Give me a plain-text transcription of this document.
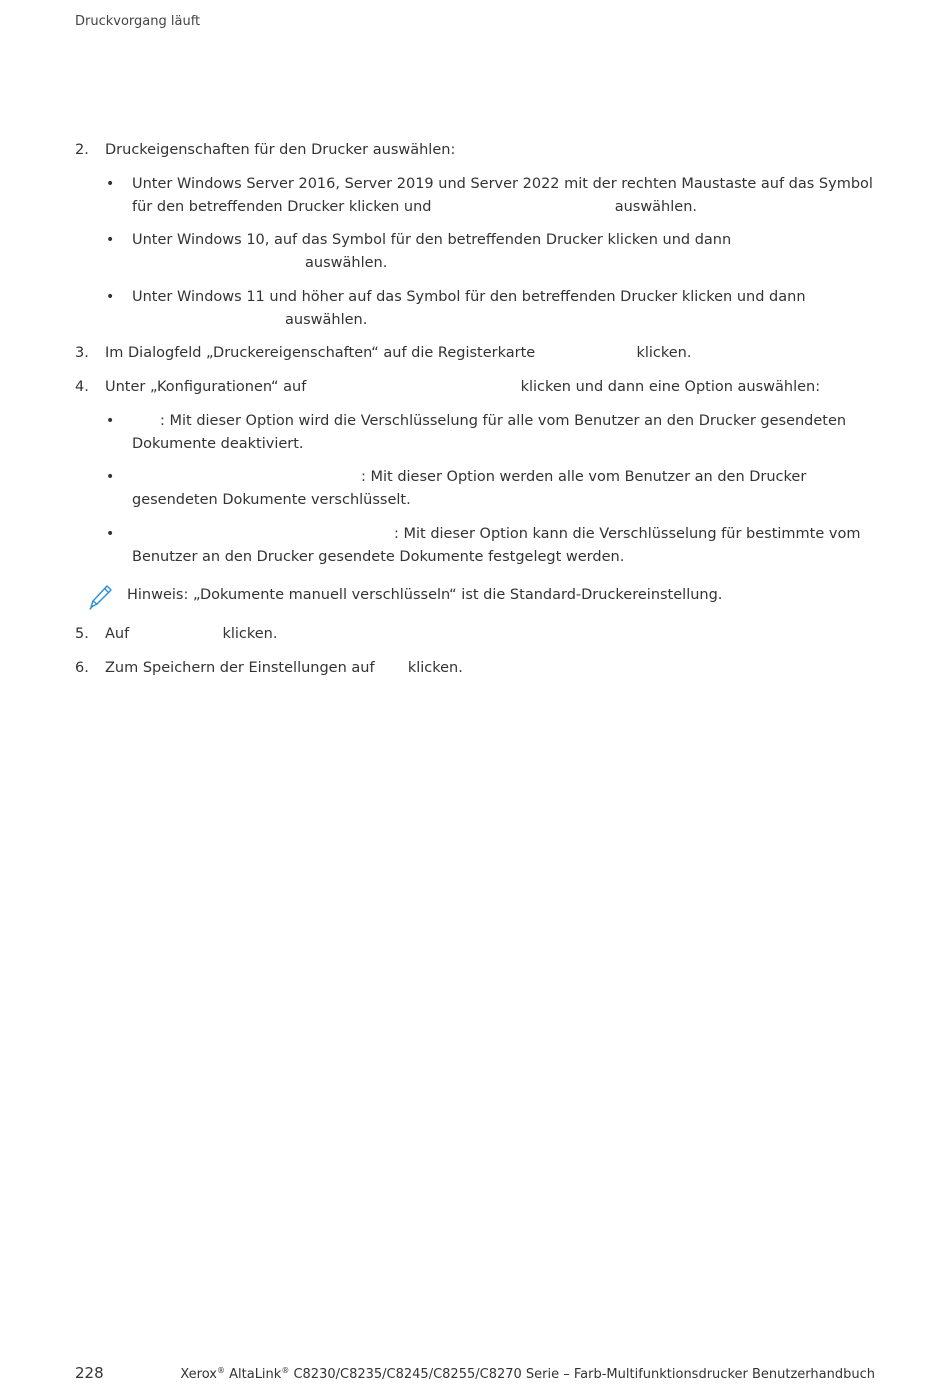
Druckvorgang läuft
2. Druckeigenschaften für den Drucker auswählen:
• Unter Windows Server 2016, Server 2019 und Server 2022 mit der rechten Maustaste auf das Symbol
für den betreffenden Drucker klicken und	auswählen.
• Unter Windows 10, auf das Symbol für den betreffenden Drucker klicken und dann
auswählen.
• Unter Windows 11 und höher auf das Symbol für den betreffenden Drucker klicken und dann
auswählen.
3. Im Dialogfeld „Druckereigenschaften“ auf die Registerkarte	klicken.
4. Unter „Konfigurationen“ auf	klicken und dann eine Option auswählen:
•	: Mit dieser Option wird die Verschlüsselung für alle vom Benutzer an den Drucker gesendeten
Dokumente deaktiviert.
•	: Mit dieser Option werden alle vom Benutzer an den Drucker
gesendeten Dokumente verschlüsselt.
•	: Mit dieser Option kann die Verschlüsselung für bestimmte vom
Benutzer an den Drucker gesendete Dokumente festgelegt werden.
Hinweis: „Dokumente manuell verschlüsseln“ ist die Standard-Druckereinstellung.
5. Auf	klicken.
6. Zum Speichern der Einstellungen auf klicken.
228	Xerox® AltaLink® C8230/C8235/C8245/C8255/C8270 Serie – Farb-Multifunktionsdrucker Benutzerhandbuch
